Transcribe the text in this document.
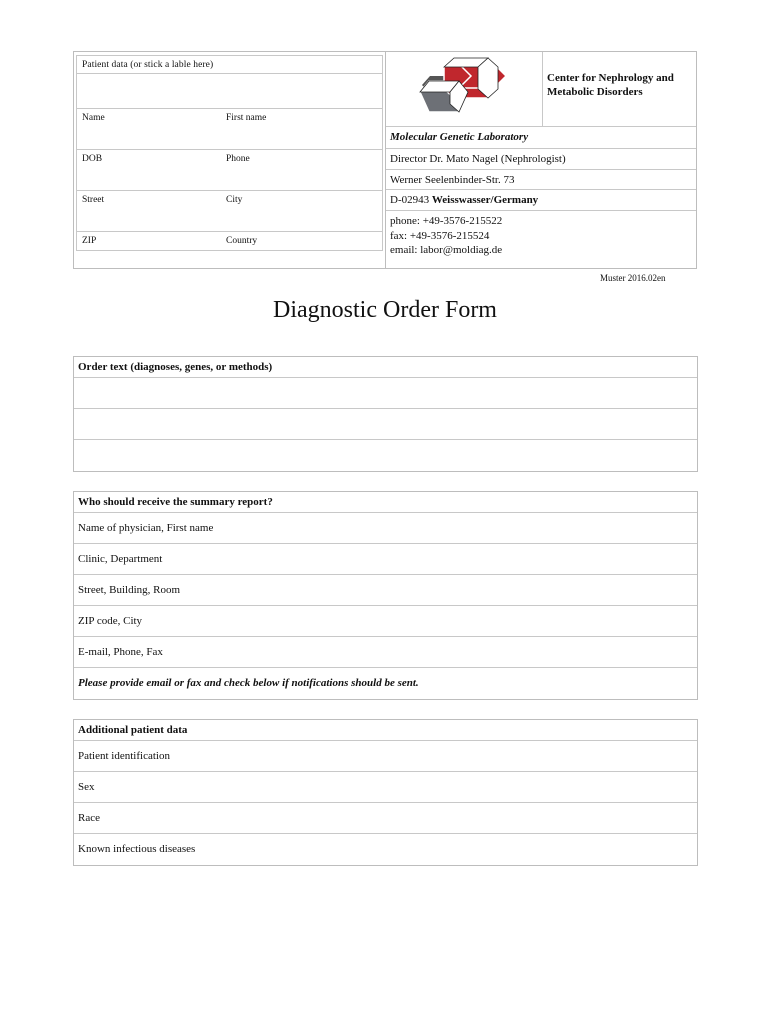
Patient data (or stick a lable here)
Name	First name
DOB	Phone
Street	City
ZIP	Country
Center for Nephrology and Metabolic Disorders
Molecular Genetic Laboratory
Director Dr. Mato Nagel (Nephrologist)
Werner Seelenbinder-Str. 73
D-02943 Weisswasser/Germany
phone: +49-3576-215522
fax: +49-3576-215524
email: labor@moldiag.de
Muster 2016.02en
Diagnostic Order Form
Order text (diagnoses, genes, or methods)
Who should receive the summary report?
Name of physician, First name
Clinic, Department
Street, Building, Room
ZIP code, City
E-mail, Phone, Fax
Please provide email or fax and check below if notifications should be sent.
Additional patient data
Patient identification
Sex
Race
Known infectious diseases
